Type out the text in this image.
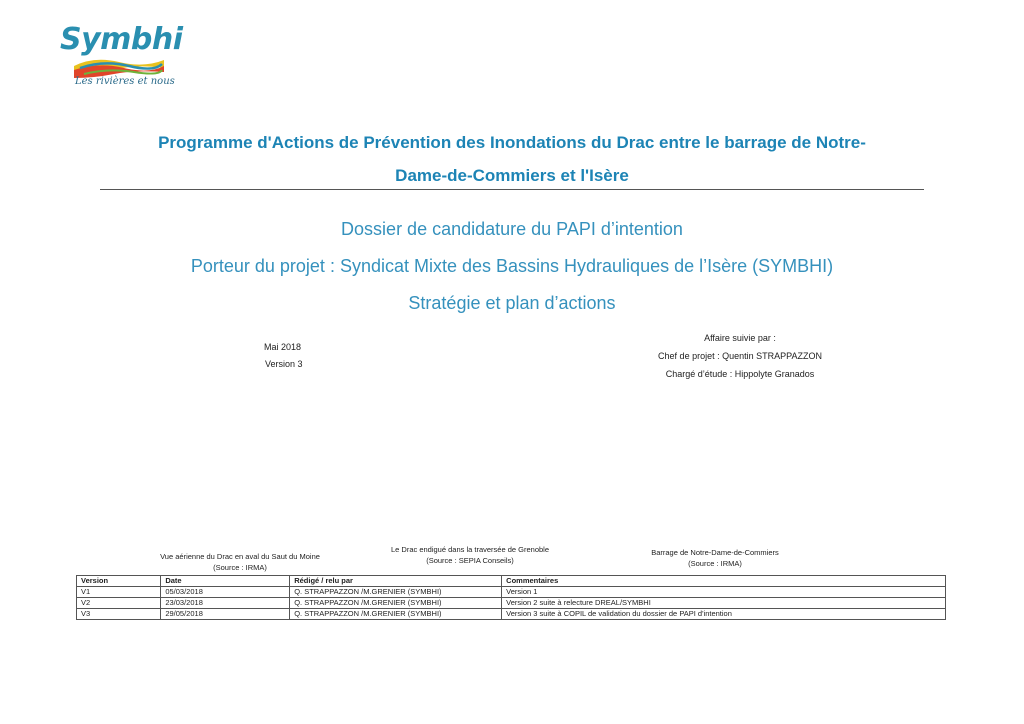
Symbhi
Les rivières et nous
Programme d'Actions de Prévention des Inondations du Drac entre le barrage de Notre-
Dame-de-Commiers et l'Isère
Dossier de candidature du PAPI d’intention
Porteur du projet : Syndicat Mixte des Bassins Hydrauliques de l’Isère (SYMBHI)
Stratégie et plan d’actions
Mai 2018
Version 3
Affaire suivie par :
Chef de projet : Quentin STRAPPAZZON
Chargé d’étude : Hippolyte Granados
Vue aérienne du Drac en aval du Saut du Moine
(Source : IRMA)
Le Drac endigué dans la traversée de Grenoble
(Source : SEPIA Conseils)
Barrage de Notre-Dame-de-Commiers
(Source : IRMA)
Version	Date	Rédigé / relu par	Commentaires
V1	05/03/2018	Q. STRAPPAZZON /M.GRENIER (SYMBHI)	Version 1
V2	23/03/2018	Q. STRAPPAZZON /M.GRENIER (SYMBHI)	Version 2 suite à relecture DREAL/SYMBHI
V3	29/05/2018	Q. STRAPPAZZON /M.GRENIER (SYMBHI)	Version 3 suite à COPIL de validation du dossier de PAPI d'intention
